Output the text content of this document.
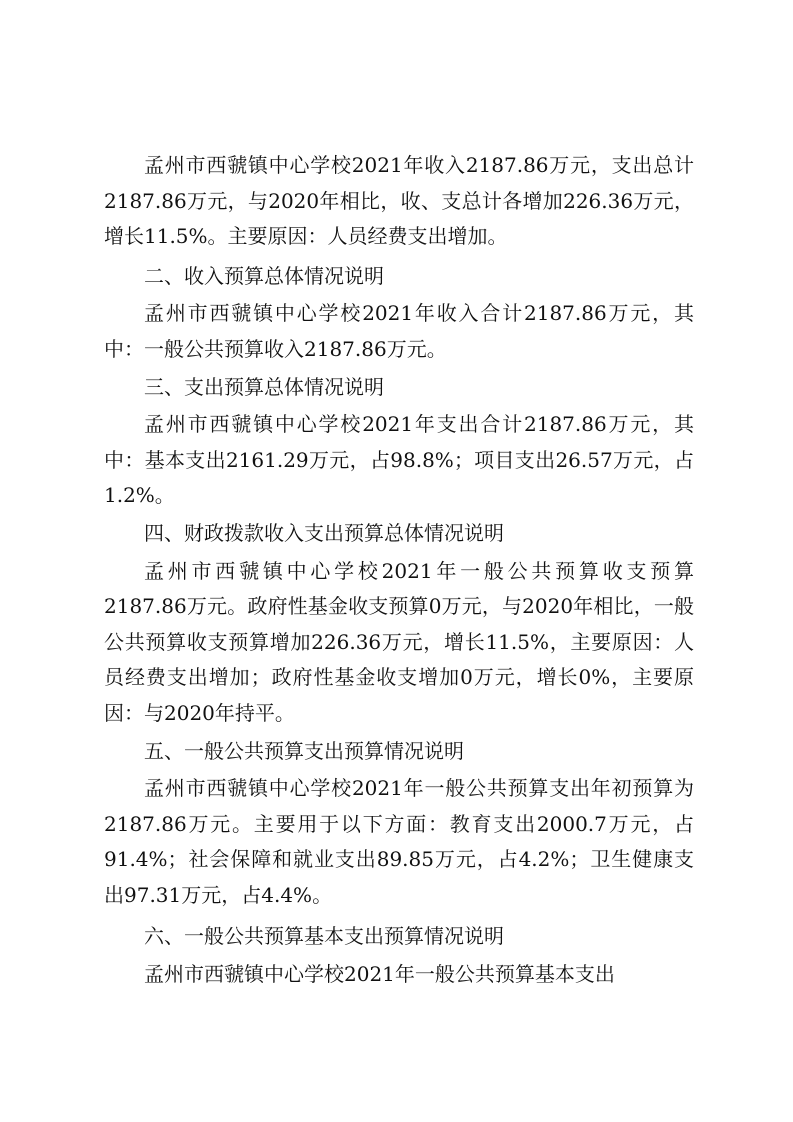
孟州市西虢镇中心学校2021年收入2187.86万元，支出总计2187.86万元，与2020年相比，收、支总计各增加226.36万元，增长11.5%。主要原因：人员经费支出增加。

二、收入预算总体情况说明

孟州市西虢镇中心学校2021年收入合计2187.86万元，其中：一般公共预算收入2187.86万元。

三、支出预算总体情况说明

孟州市西虢镇中心学校2021年支出合计2187.86万元，其中：基本支出2161.29万元，占98.8%；项目支出26.57万元，占1.2%。

四、财政拨款收入支出预算总体情况说明

孟州市西虢镇中心学校2021年一般公共预算收支预算2187.86万元。政府性基金收支预算0万元，与2020年相比，一般公共预算收支预算增加226.36万元，增长11.5%，主要原因：人员经费支出增加；政府性基金收支增加0万元，增长0%，主要原因：与2020年持平。

五、一般公共预算支出预算情况说明

孟州市西虢镇中心学校2021年一般公共预算支出年初预算为2187.86万元。主要用于以下方面：教育支出2000.7万元，占91.4%；社会保障和就业支出89.85万元，占4.2%；卫生健康支出97.31万元，占4.4%。

六、一般公共预算基本支出预算情况说明

孟州市西虢镇中心学校2021年一般公共预算基本支出
